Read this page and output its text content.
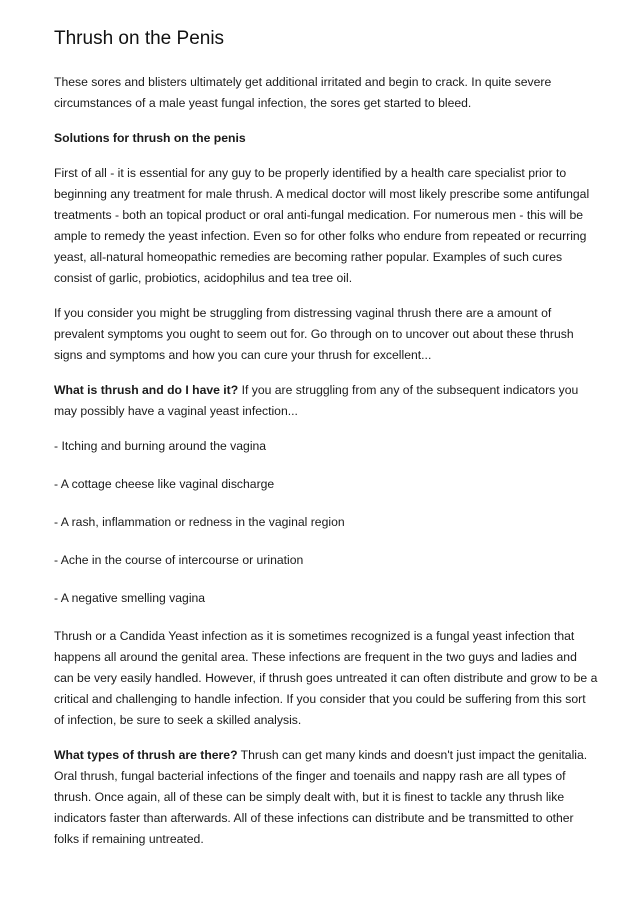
Thrush on the Penis

These sores and blisters ultimately get additional irritated and begin to crack. In quite severe circumstances of a male yeast fungal infection, the sores get started to bleed.

Solutions for thrush on the penis

First of all - it is essential for any guy to be properly identified by a health care specialist prior to beginning any treatment for male thrush. A medical doctor will most likely prescribe some antifungal treatments - both an topical product or oral anti-fungal medication. For numerous men - this will be ample to remedy the yeast infection. Even so for other folks who endure from repeated or recurring yeast, all-natural homeopathic remedies are becoming rather popular. Examples of such cures consist of garlic, probiotics, acidophilus and tea tree oil.

If you consider you might be struggling from distressing vaginal thrush there are a amount of prevalent symptoms you ought to seem out for. Go through on to uncover out about these thrush signs and symptoms and how you can cure your thrush for excellent...

What is thrush and do I have it? If you are struggling from any of the subsequent indicators you may possibly have a vaginal yeast infection...

- Itching and burning around the vagina

- A cottage cheese like vaginal discharge

- A rash, inflammation or redness in the vaginal region

- Ache in the course of intercourse or urination

- A negative smelling vagina

Thrush or a Candida Yeast infection as it is sometimes recognized is a fungal yeast infection that happens all around the genital area. These infections are frequent in the two guys and ladies and can be very easily handled. However, if thrush goes untreated it can often distribute and grow to be a critical and challenging to handle infection. If you consider that you could be suffering from this sort of infection, be sure to seek a skilled analysis.

What types of thrush are there? Thrush can get many kinds and doesn't just impact the genitalia. Oral thrush, fungal bacterial infections of the finger and toenails and nappy rash are all types of thrush. Once again, all of these can be simply dealt with, but it is finest to tackle any thrush like indicators faster than afterwards. All of these infections can distribute and be transmitted to other folks if remaining untreated.
